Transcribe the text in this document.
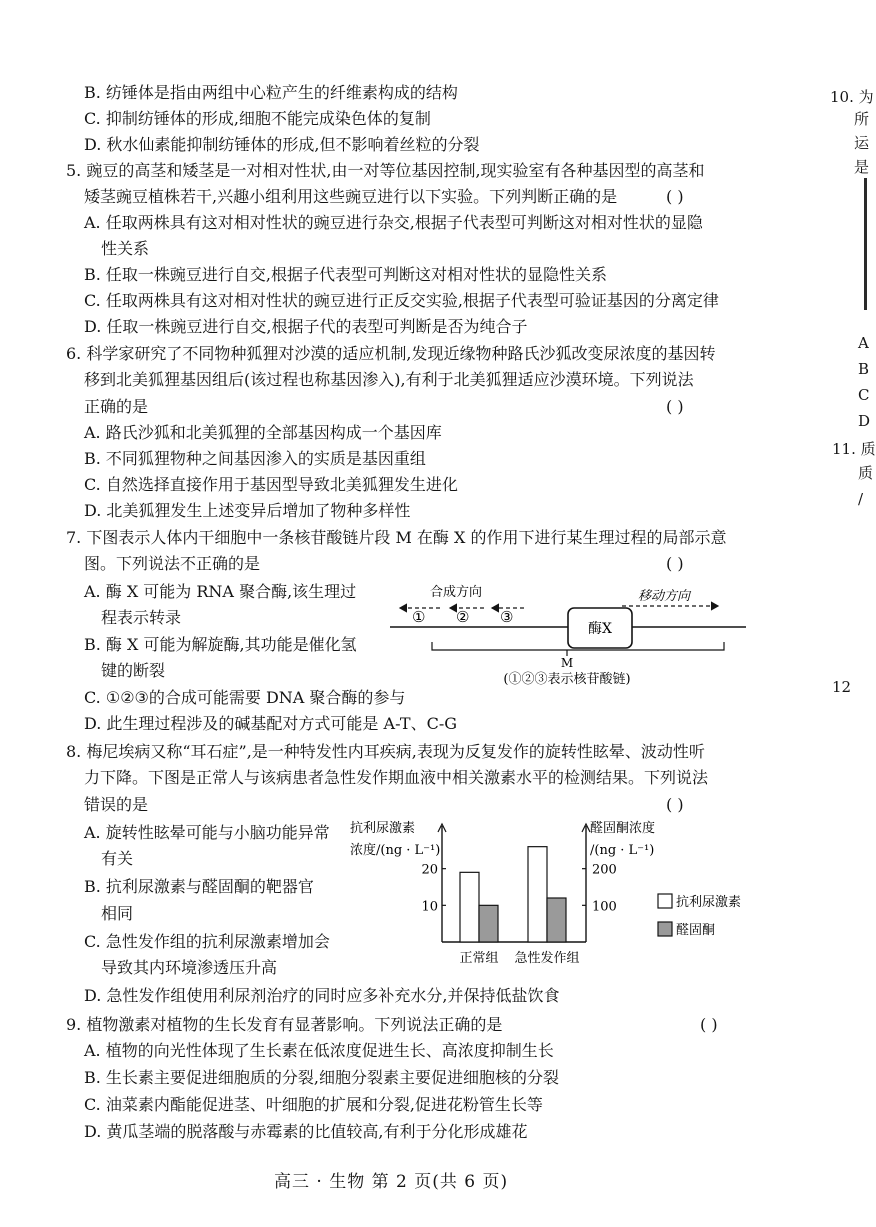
B. 纺锤体是指由两组中心粒产生的纤维素构成的结构
C. 抑制纺锤体的形成,细胞不能完成染色体的复制
D. 秋水仙素能抑制纺锤体的形成,但不影响着丝粒的分裂
5. 豌豆的高茎和矮茎是一对相对性状,由一对等位基因控制,现实验室有各种基因型的高茎和
矮茎豌豆植株若干,兴趣小组利用这些豌豆进行以下实验。下列判断正确的是	( )
A. 任取两株具有这对相对性状的豌豆进行杂交,根据子代表型可判断这对相对性状的显隐
性关系
B. 任取一株豌豆进行自交,根据子代表型可判断这对相对性状的显隐性关系
C. 任取两株具有这对相对性状的豌豆进行正反交实验,根据子代表型可验证基因的分离定律
D. 任取一株豌豆进行自交,根据子代的表型可判断是否为纯合子
6. 科学家研究了不同物种狐狸对沙漠的适应机制,发现近缘物种路氏沙狐改变尿浓度的基因转
移到北美狐狸基因组后(该过程也称基因渗入),有利于北美狐狸适应沙漠环境。下列说法
正确的是	( )
A. 路氏沙狐和北美狐狸的全部基因构成一个基因库
B. 不同狐狸物种之间基因渗入的实质是基因重组
C. 自然选择直接作用于基因型导致北美狐狸发生进化
D. 北美狐狸发生上述变异后增加了物种多样性
7. 下图表示人体内干细胞中一条核苷酸链片段 M 在酶 X 的作用下进行某生理过程的局部示意
图。下列说法不正确的是	( )
A. 酶 X 可能为 RNA 聚合酶,该生理过
程表示转录
B. 酶 X 可能为解旋酶,其功能是催化氢
键的断裂
C. ①②③的合成可能需要 DNA 聚合酶的参与
D. 此生理过程涉及的碱基配对方式可能是 A-T、C-G
合成方向	移动方向
① ② ③
酶X
M
(①②③表示核苷酸链)
8. 梅尼埃病又称“耳石症”,是一种特发性内耳疾病,表现为反复发作的旋转性眩晕、波动性听
力下降。下图是正常人与该病患者急性发作期血液中相关激素水平的检测结果。下列说法
错误的是	( )
A. 旋转性眩晕可能与小脑功能异常
有关
B. 抗利尿激素与醛固酮的靶器官
相同
C. 急性发作组的抗利尿激素增加会
导致其内环境渗透压升高
D. 急性发作组使用利尿剂治疗的同时应多补充水分,并保持低盐饮食
抗利尿激素
浓度/(ng · L⁻¹)
醛固酮浓度
/(ng · L⁻¹)
10
20
100
200
正常组 急性发作组
抗利尿激素
醛固酮
9. 植物激素对植物的生长发育有显著影响。下列说法正确的是	( )
A. 植物的向光性体现了生长素在低浓度促进生长、高浓度抑制生长
B. 生长素主要促进细胞质的分裂,细胞分裂素主要促进细胞核的分裂
C. 油菜素内酯能促进茎、叶细胞的扩展和分裂,促进花粉管生长等
D. 黄瓜茎端的脱落酸与赤霉素的比值较高,有利于分化形成雄花
10. 为
所
运
是
A
B
C
D
11. 质
质
/
12
高三 · 生物 第 2 页(共 6 页)
